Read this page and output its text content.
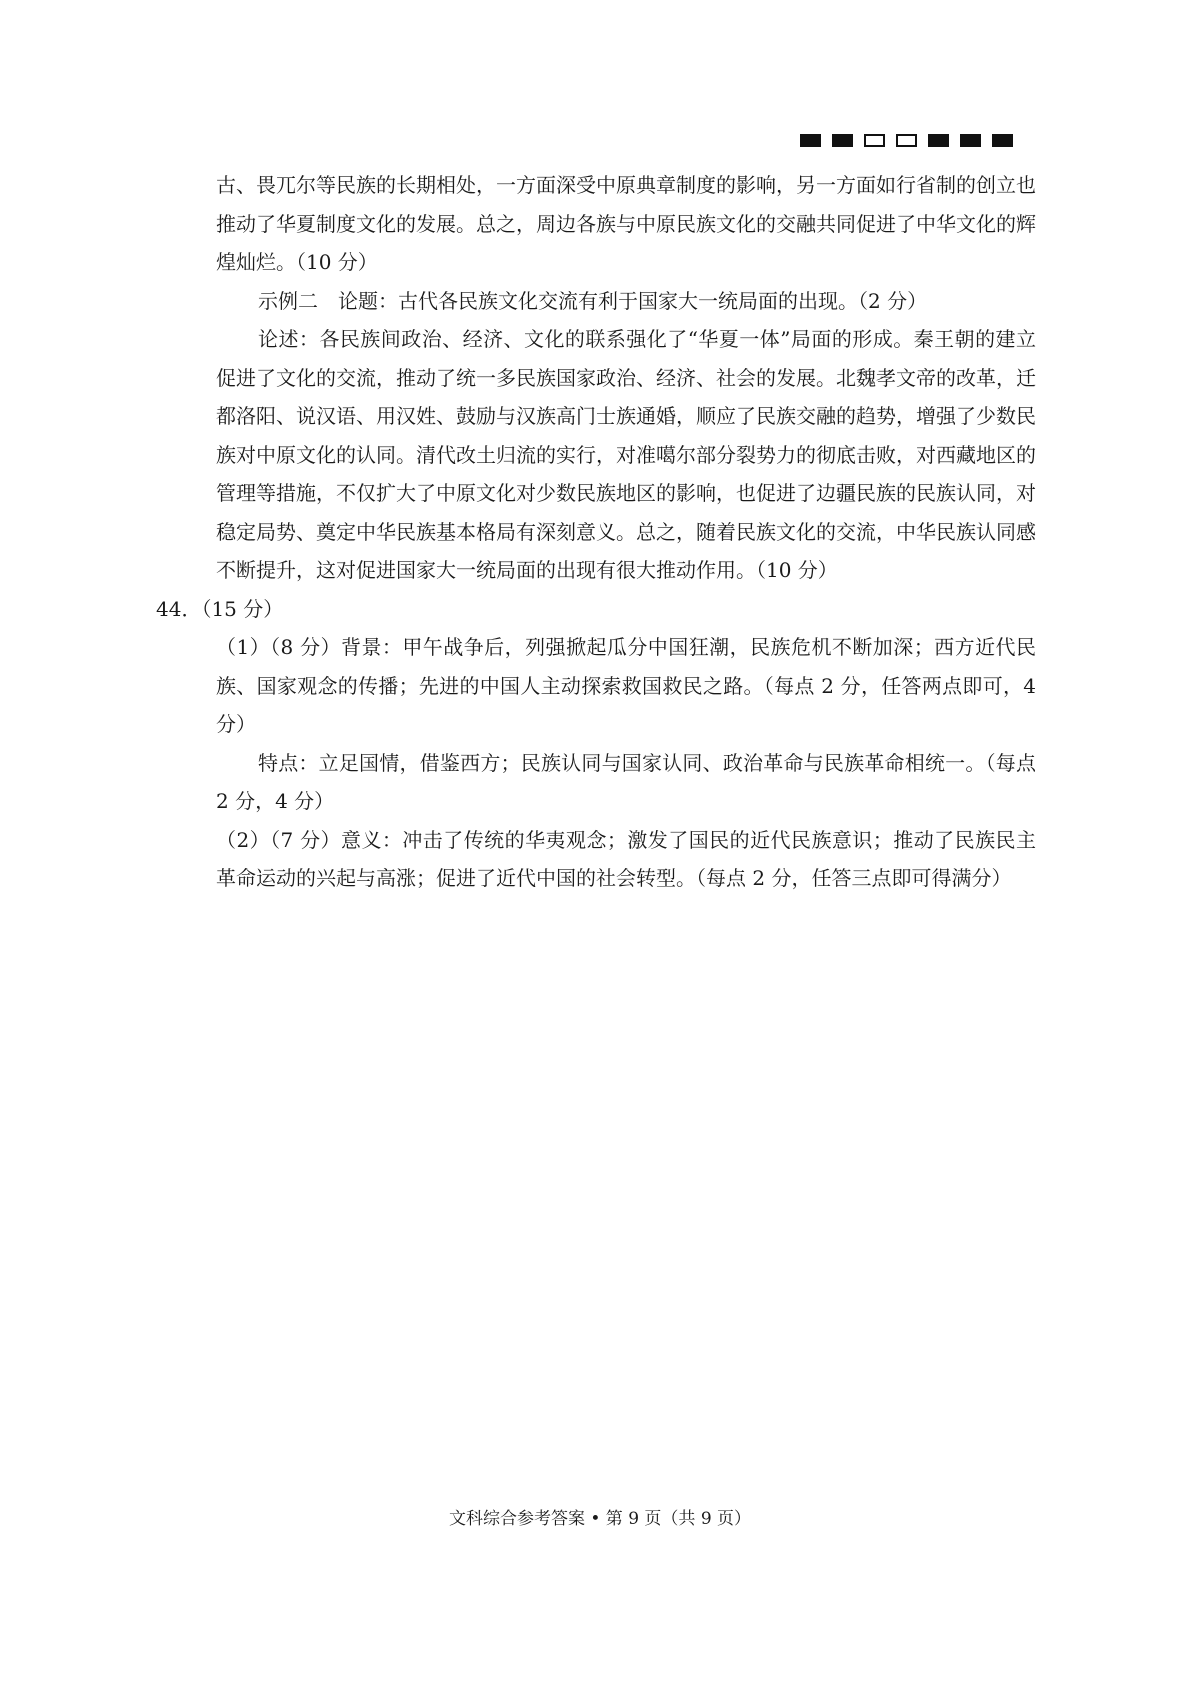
古、畏兀尔等民族的长期相处，一方面深受中原典章制度的影响，另一方面如行省制的创立也推动了华夏制度文化的发展。总之，周边各族与中原民族文化的交融共同促进了中华文化的辉煌灿烂。（10 分）

示例二　论题：古代各民族文化交流有利于国家大一统局面的出现。（2 分）

论述：各民族间政治、经济、文化的联系强化了“华夏一体”局面的形成。秦王朝的建立促进了文化的交流，推动了统一多民族国家政治、经济、社会的发展。北魏孝文帝的改革，迁都洛阳、说汉语、用汉姓、鼓励与汉族高门士族通婚，顺应了民族交融的趋势，增强了少数民族对中原文化的认同。清代改土归流的实行，对准噶尔部分裂势力的彻底击败，对西藏地区的管理等措施，不仅扩大了中原文化对少数民族地区的影响，也促进了边疆民族的民族认同，对稳定局势、奠定中华民族基本格局有深刻意义。总之，随着民族文化的交流，中华民族认同感不断提升，这对促进国家大一统局面的出现有很大推动作用。（10 分）

44．（15 分）

（1）（8 分）背景：甲午战争后，列强掀起瓜分中国狂潮，民族危机不断加深；西方近代民族、国家观念的传播；先进的中国人主动探索救国救民之路。（每点 2 分，任答两点即可，4 分）

特点：立足国情，借鉴西方；民族认同与国家认同、政治革命与民族革命相统一。（每点 2 分，4 分）

（2）（7 分）意义：冲击了传统的华夷观念；激发了国民的近代民族意识；推动了民族民主革命运动的兴起与高涨；促进了近代中国的社会转型。（每点 2 分，任答三点即可得满分）

文科综合参考答案 • 第 9 页（共 9 页）
